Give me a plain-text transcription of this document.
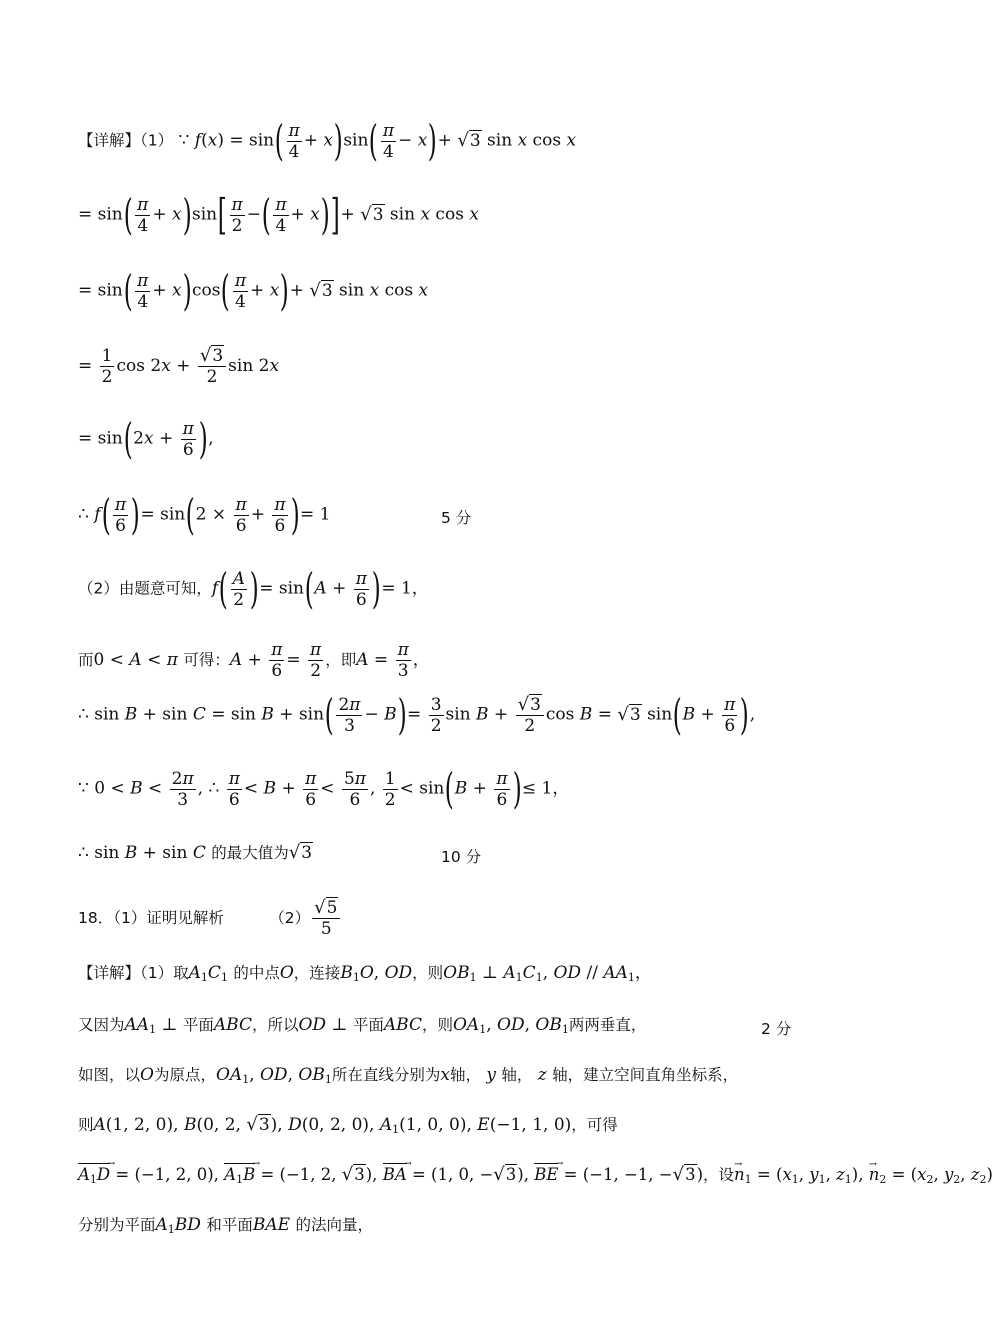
【详解】（1） ∵ $f(x) = \sin( \frac{\pi}{4} + x)\sin( \frac{\pi}{4} - x)+ √3$ sin x cos x
= $\sin( \frac{\pi}{4} + x)\sin[ \frac{\pi}{2}$ −( $\frac{\pi}{4} + x)]+ √3$ sin x cos x
= $\sin( \frac{\pi}{4} + x)\cos( \frac{\pi}{4} + x)+ √3$ sin x cos x
= $\frac{1}{2}$ $\cos 2x + \frac{√3}{2}$ sin 2x
= $\sin(2x + \frac{\pi}{6}$ ),
∴ $f( \frac{\pi}{6}$ )= $\sin(2 \times \frac{\pi}{6} + \frac{\pi}{6}$ )= 1	5 分
（2）由题意可知，$f( \frac{A}{2}$ )= $\sin(A + \frac{\pi}{6}$ )= 1，
而0 < A < π 可得：$A + \frac{\pi}{6} = \frac{\pi}{2}$ ，即$A = \frac{\pi}{3}$ ，
∴ $\sin B + \sin C = \sin B + \sin( \frac{2\pi}{3} - B)= \frac{3}{2}$ $\sin B + \frac{√3}{2}$ cos B = √3 $\sin(B + \frac{\pi}{6}$ ),
∵ $0 < B < \frac{2\pi}{3}$ , ∴ $\frac{\pi}{6} < B + \frac{\pi}{6} < \frac{5\pi}{6}$ , $\frac{1}{2} < \sin(B + \frac{\pi}{6}$ )≤ 1，
∴ sin B + sin C 的最大值为√3	10 分
18．（1）证明见解析	$(2) \frac{√5}{5}$
【详解】（1）取$A_1C_1$ 的中点O，连接$B_1O$, OD，则$OB_1$ ⊥ $A_1C_1$, OD // $AA_1$，
又因为$AA_1$ ⊥ 平面ABC，所以OD ⊥ 平面ABC，则$OA_1$, OD, $OB_1$两两垂直，	2 分
如图，以O为原点，$OA_1$, OD, $OB_1$所在直线分别为x轴， y 轴， z 轴，建立空间直角坐标系，
则A(1, 2, 0), B(0, 2, √3), D(0, 2, 0), $A_1(1$, 0, 0), E(−1, 1, 0)，可得
$A_1D$ → = (−1, 2, 0), $A_1B$ → = (−1, 2, √3), BA → = (1, 0, −√3), BE → = (−1, −1, −√3)，设→ $n_1 = (x_1$, $y_1$, $z_1$), → $n_2 = (x_2$, $y_2$, $z_2$)
分别为平面$A_1BD$ 和平面BAE 的法向量，
